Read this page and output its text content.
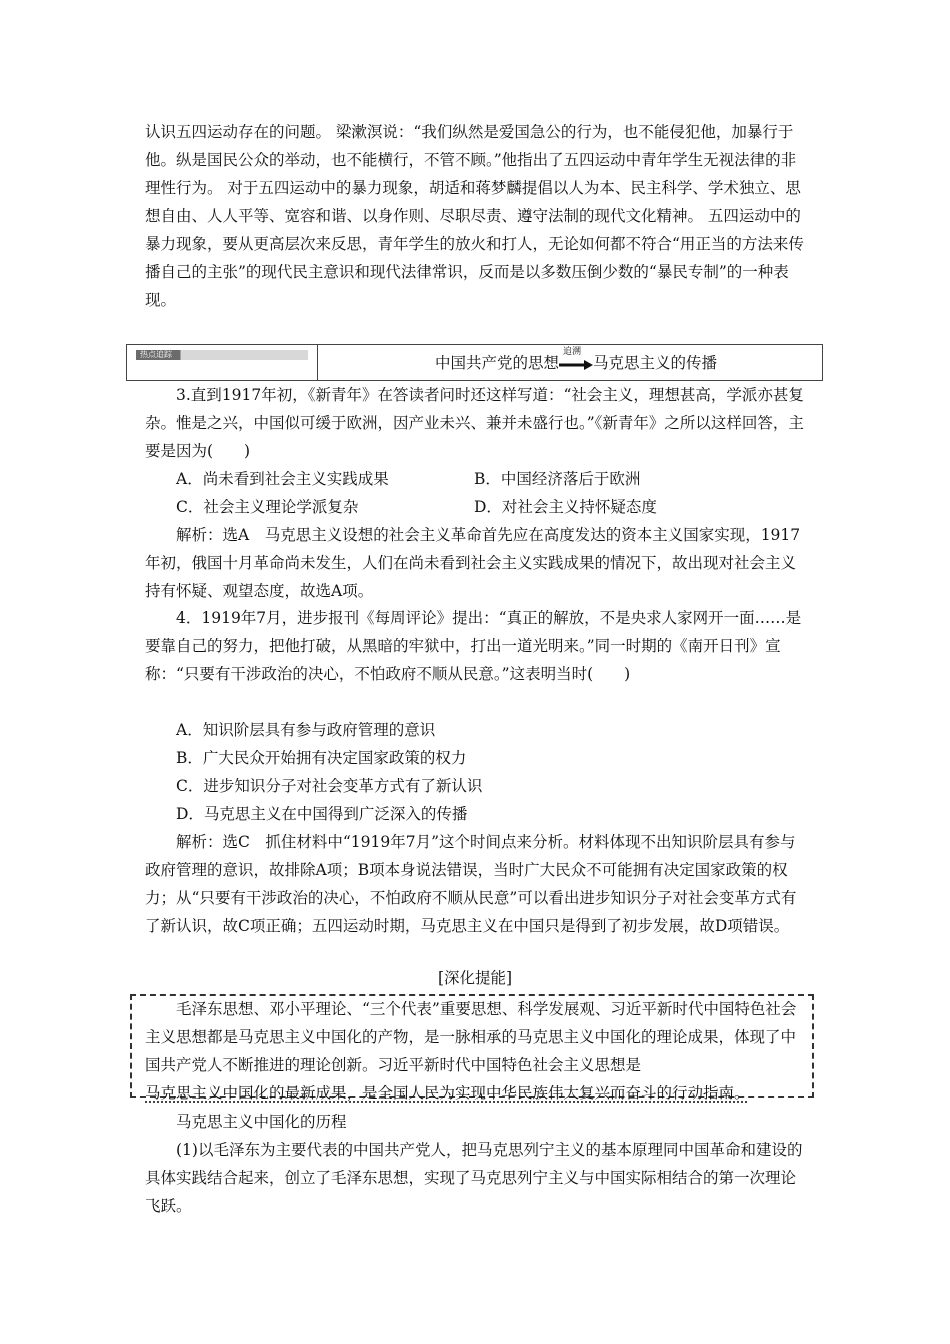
认识五四运动存在的问题。 梁漱溟说：“我们纵然是爱国急公的行为，也不能侵犯他，加暴行于他。纵是国民公众的举动，也不能横行，不管不顾。”他指出了五四运动中青年学生无视法律的非理性行为。 对于五四运动中的暴力现象，胡适和蒋梦麟提倡以人为本、民主科学、学术独立、思想自由、人人平等、宽容和谐、以身作则、尽职尽责、遵守法制的现代文化精神。 五四运动中的暴力现象，要从更高层次来反思，青年学生的放火和打人，无论如何都不符合“用正当的方法来传播自己的主张”的现代民主意识和现代法律常识，反而是以多数压倒少数的“暴民专制”的一种表现。

热点追踪	中国共产党的思想
追溯
马克思主义的传播

3.直到1917年初，《新青年》在答读者问时还这样写道：“社会主义，理想甚高，学派亦甚复杂。惟是之兴，中国似可缓于欧洲，因产业未兴、兼并未盛行也。”《新青年》之所以这样回答，主要是因为(　　)

A．尚未看到社会主义实践成果	B．中国经济落后于欧洲
C．社会主义理论学派复杂	D．对社会主义持怀疑态度

解析：选A　马克思主义设想的社会主义革命首先应在高度发达的资本主义国家实现，1917年初，俄国十月革命尚未发生，人们在尚未看到社会主义实践成果的情况下，故出现对社会主义持有怀疑、观望态度，故选A项。

4．1919年7月，进步报刊《每周评论》提出：“真正的解放，不是央求人家网开一面……是要靠自己的努力，把他打破，从黑暗的牢狱中，打出一道光明来。”同一时期的《南开日刊》宣称：“只要有干涉政治的决心，不怕政府不顺从民意。”这表明当时(　　)

A．知识阶层具有参与政府管理的意识
B．广大民众开始拥有决定国家政策的权力
C．进步知识分子对社会变革方式有了新认识
D．马克思主义在中国得到广泛深入的传播

解析：选C　抓住材料中“1919年7月”这个时间点来分析。材料体现不出知识阶层具有参与政府管理的意识，故排除A项；B项本身说法错误，当时广大民众不可能拥有决定国家政策的权力；从“只要有干涉政治的决心，不怕政府不顺从民意”可以看出进步知识分子对社会变革方式有了新认识，故C项正确；五四运动时期，马克思主义在中国只是得到了初步发展，故D项错误。

[深化提能]

毛泽东思想、邓小平理论、“三个代表”重要思想、科学发展观、习近平新时代中国特色社会主义思想都是马克思主义中国化的产物，是一脉相承的马克思主义中国化的理论成果，体现了中国共产党人不断推进的理论创新。习近平新时代中国特色社会主义思想是

马克思主义中国化的最新成果，是全国人民为实现中华民族伟大复兴而奋斗的行动指南。
马克思主义中国化的历程

(1)以毛泽东为主要代表的中国共产党人，把马克思列宁主义的基本原理同中国革命和建设的具体实践结合起来，创立了毛泽东思想，实现了马克思列宁主义与中国实际相结合的第一次理论飞跃。
